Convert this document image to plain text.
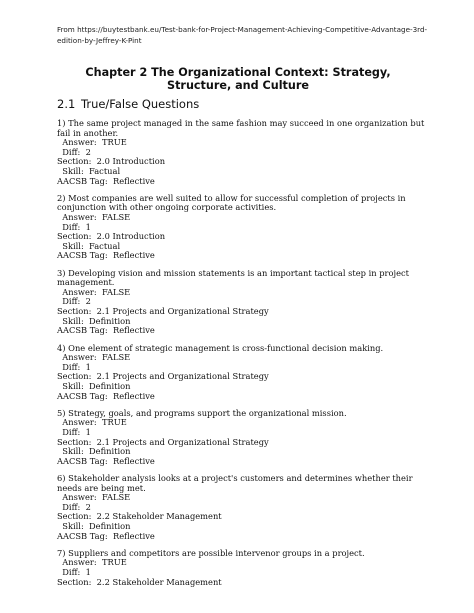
From https://buytestbank.eu/Test-bank-for-Project-Management-Achieving-Competitive-Advantage-3rd-edition-by-Jeffrey-K-Pint
Chapter 2 The Organizational Context: Strategy, Structure, and Culture
2.1 True/False Questions

1) The same project managed in the same fashion may succeed in one organization but fail in another.

Answer: TRUE
Diff: 2
Section: 2.0 Introduction
Skill: Factual
AACSB Tag: Reflective

2) Most companies are well suited to allow for successful completion of projects in conjunction with other ongoing corporate activities.

Answer: FALSE
Diff: 1
Section: 2.0 Introduction
Skill: Factual
AACSB Tag: Reflective

3) Developing vision and mission statements is an important tactical step in project management.

Answer: FALSE
Diff: 2
Section: 2.1 Projects and Organizational Strategy
Skill: Definition
AACSB Tag: Reflective

4) One element of strategic management is cross-functional decision making.

Answer: FALSE
Diff: 1
Section: 2.1 Projects and Organizational Strategy
Skill: Definition
AACSB Tag: Reflective

5) Strategy, goals, and programs support the organizational mission.

Answer: TRUE
Diff: 1
Section: 2.1 Projects and Organizational Strategy
Skill: Definition
AACSB Tag: Reflective

6) Stakeholder analysis looks at a project's customers and determines whether their needs are being met.

Answer: FALSE
Diff: 2
Section: 2.2 Stakeholder Management
Skill: Definition
AACSB Tag: Reflective

7) Suppliers and competitors are possible intervenor groups in a project.

Answer: TRUE
Diff: 1
Section: 2.2 Stakeholder Management
